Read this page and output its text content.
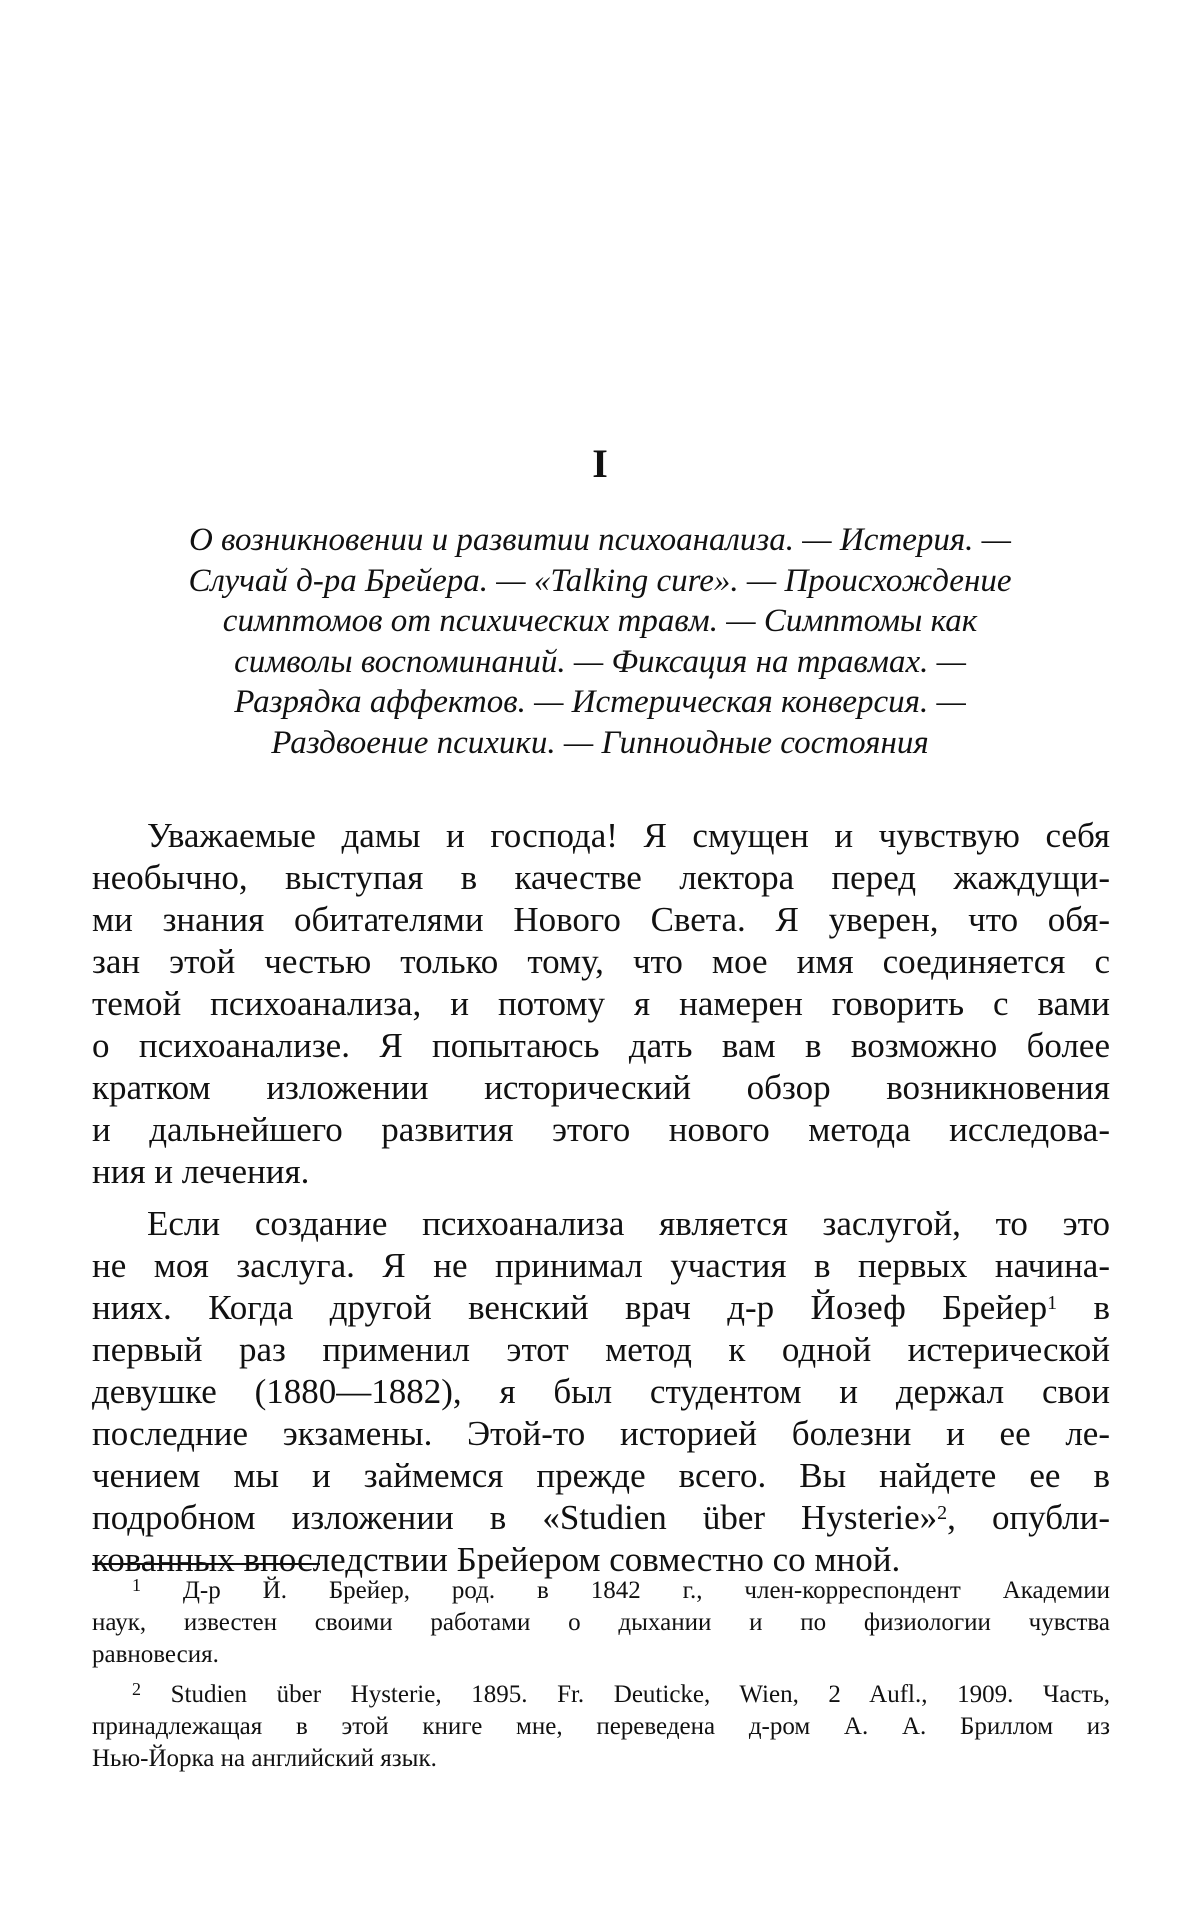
I
О возникновении и развитии психоанализа. — Истерия. —
Случай д-ра Брейера. — «Talking cure». — Происхождение
симптомов от психических травм. — Симптомы как
символы воспоминаний. — Фиксация на травмах. —
Разрядка аффектов. — Истерическая конверсия. —
Раздвоение психики. — Гипноидные состояния
Уважаемые дамы и господа! Я смущен и чувствую себя
необычно, выступая в качестве лектора перед жаждущи-
ми знания обитателями Нового Света. Я уверен, что обя-
зан этой честью только тому, что мое имя соединяется с
темой психоанализа, и потому я намерен говорить с вами
о психоанализе. Я попытаюсь дать вам в возможно более
кратком изложении исторический обзор возникновения
и дальнейшего развития этого нового метода исследова-
ния и лечения.
Если создание психоанализа является заслугой, то это
не моя заслуга. Я не принимал участия в первых начина-
ниях. Когда другой венский врач д-р Йозеф Брейер$^1$ в
первый раз применил этот метод к одной истерической
девушке (1880—1882), я был студентом и держал свои
последние экзамены. Этой-то историей болезни и ее ле-
чением мы и займемся прежде всего. Вы найдете ее в
подробном изложении в «Studien über Hysterie»$^2$, опубли-
кованных впоследствии Брейером совместно со мной.
$^1$ Д-р Й. Брейер, род. в 1842 г., член-корреспондент Академии
наук, известен своими работами о дыхании и по физиологии чувства
равновесия.
$^2$ Studien über Hysterie, 1895. Fr. Deuticke, Wien, 2 Aufl., 1909. Часть,
принадлежащая в этой книге мне, переведена д-ром А. А. Бриллом из
Нью-Йорка на английский язык.
